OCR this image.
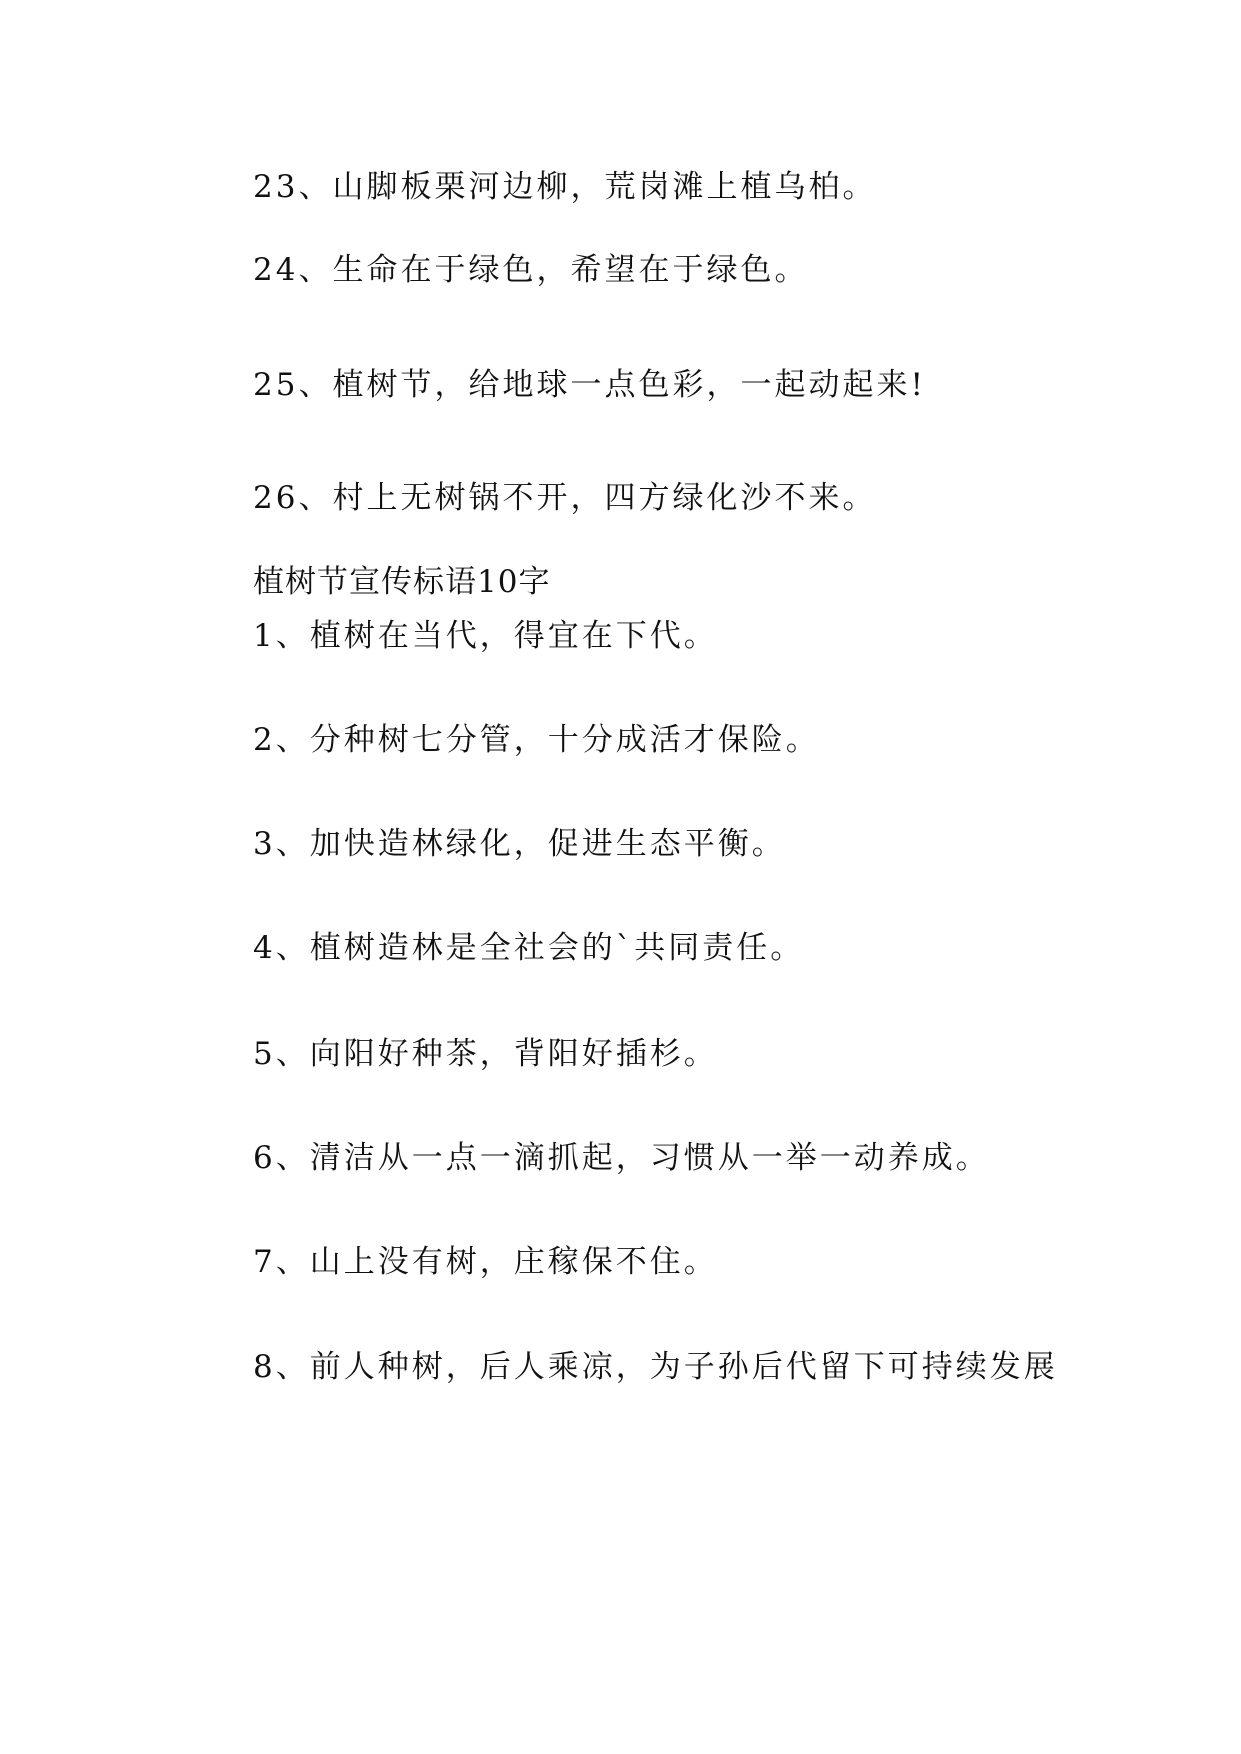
23、山脚板栗河边柳，荒岗滩上植乌柏。
24、生命在于绿色，希望在于绿色。
25、植树节，给地球一点色彩，一起动起来!
26、村上无树锅不开，四方绿化沙不来。
植树节宣传标语10字
1、植树在当代，得宜在下代。
2、分种树七分管，十分成活才保险。
3、加快造林绿化，促进生态平衡。
4、植树造林是全社会的`共同责任。
5、向阳好种茶，背阳好插杉。
6、清洁从一点一滴抓起，习惯从一举一动养成。
7、山上没有树，庄稼保不住。
8、前人种树，后人乘凉，为子孙后代留下可持续发展
